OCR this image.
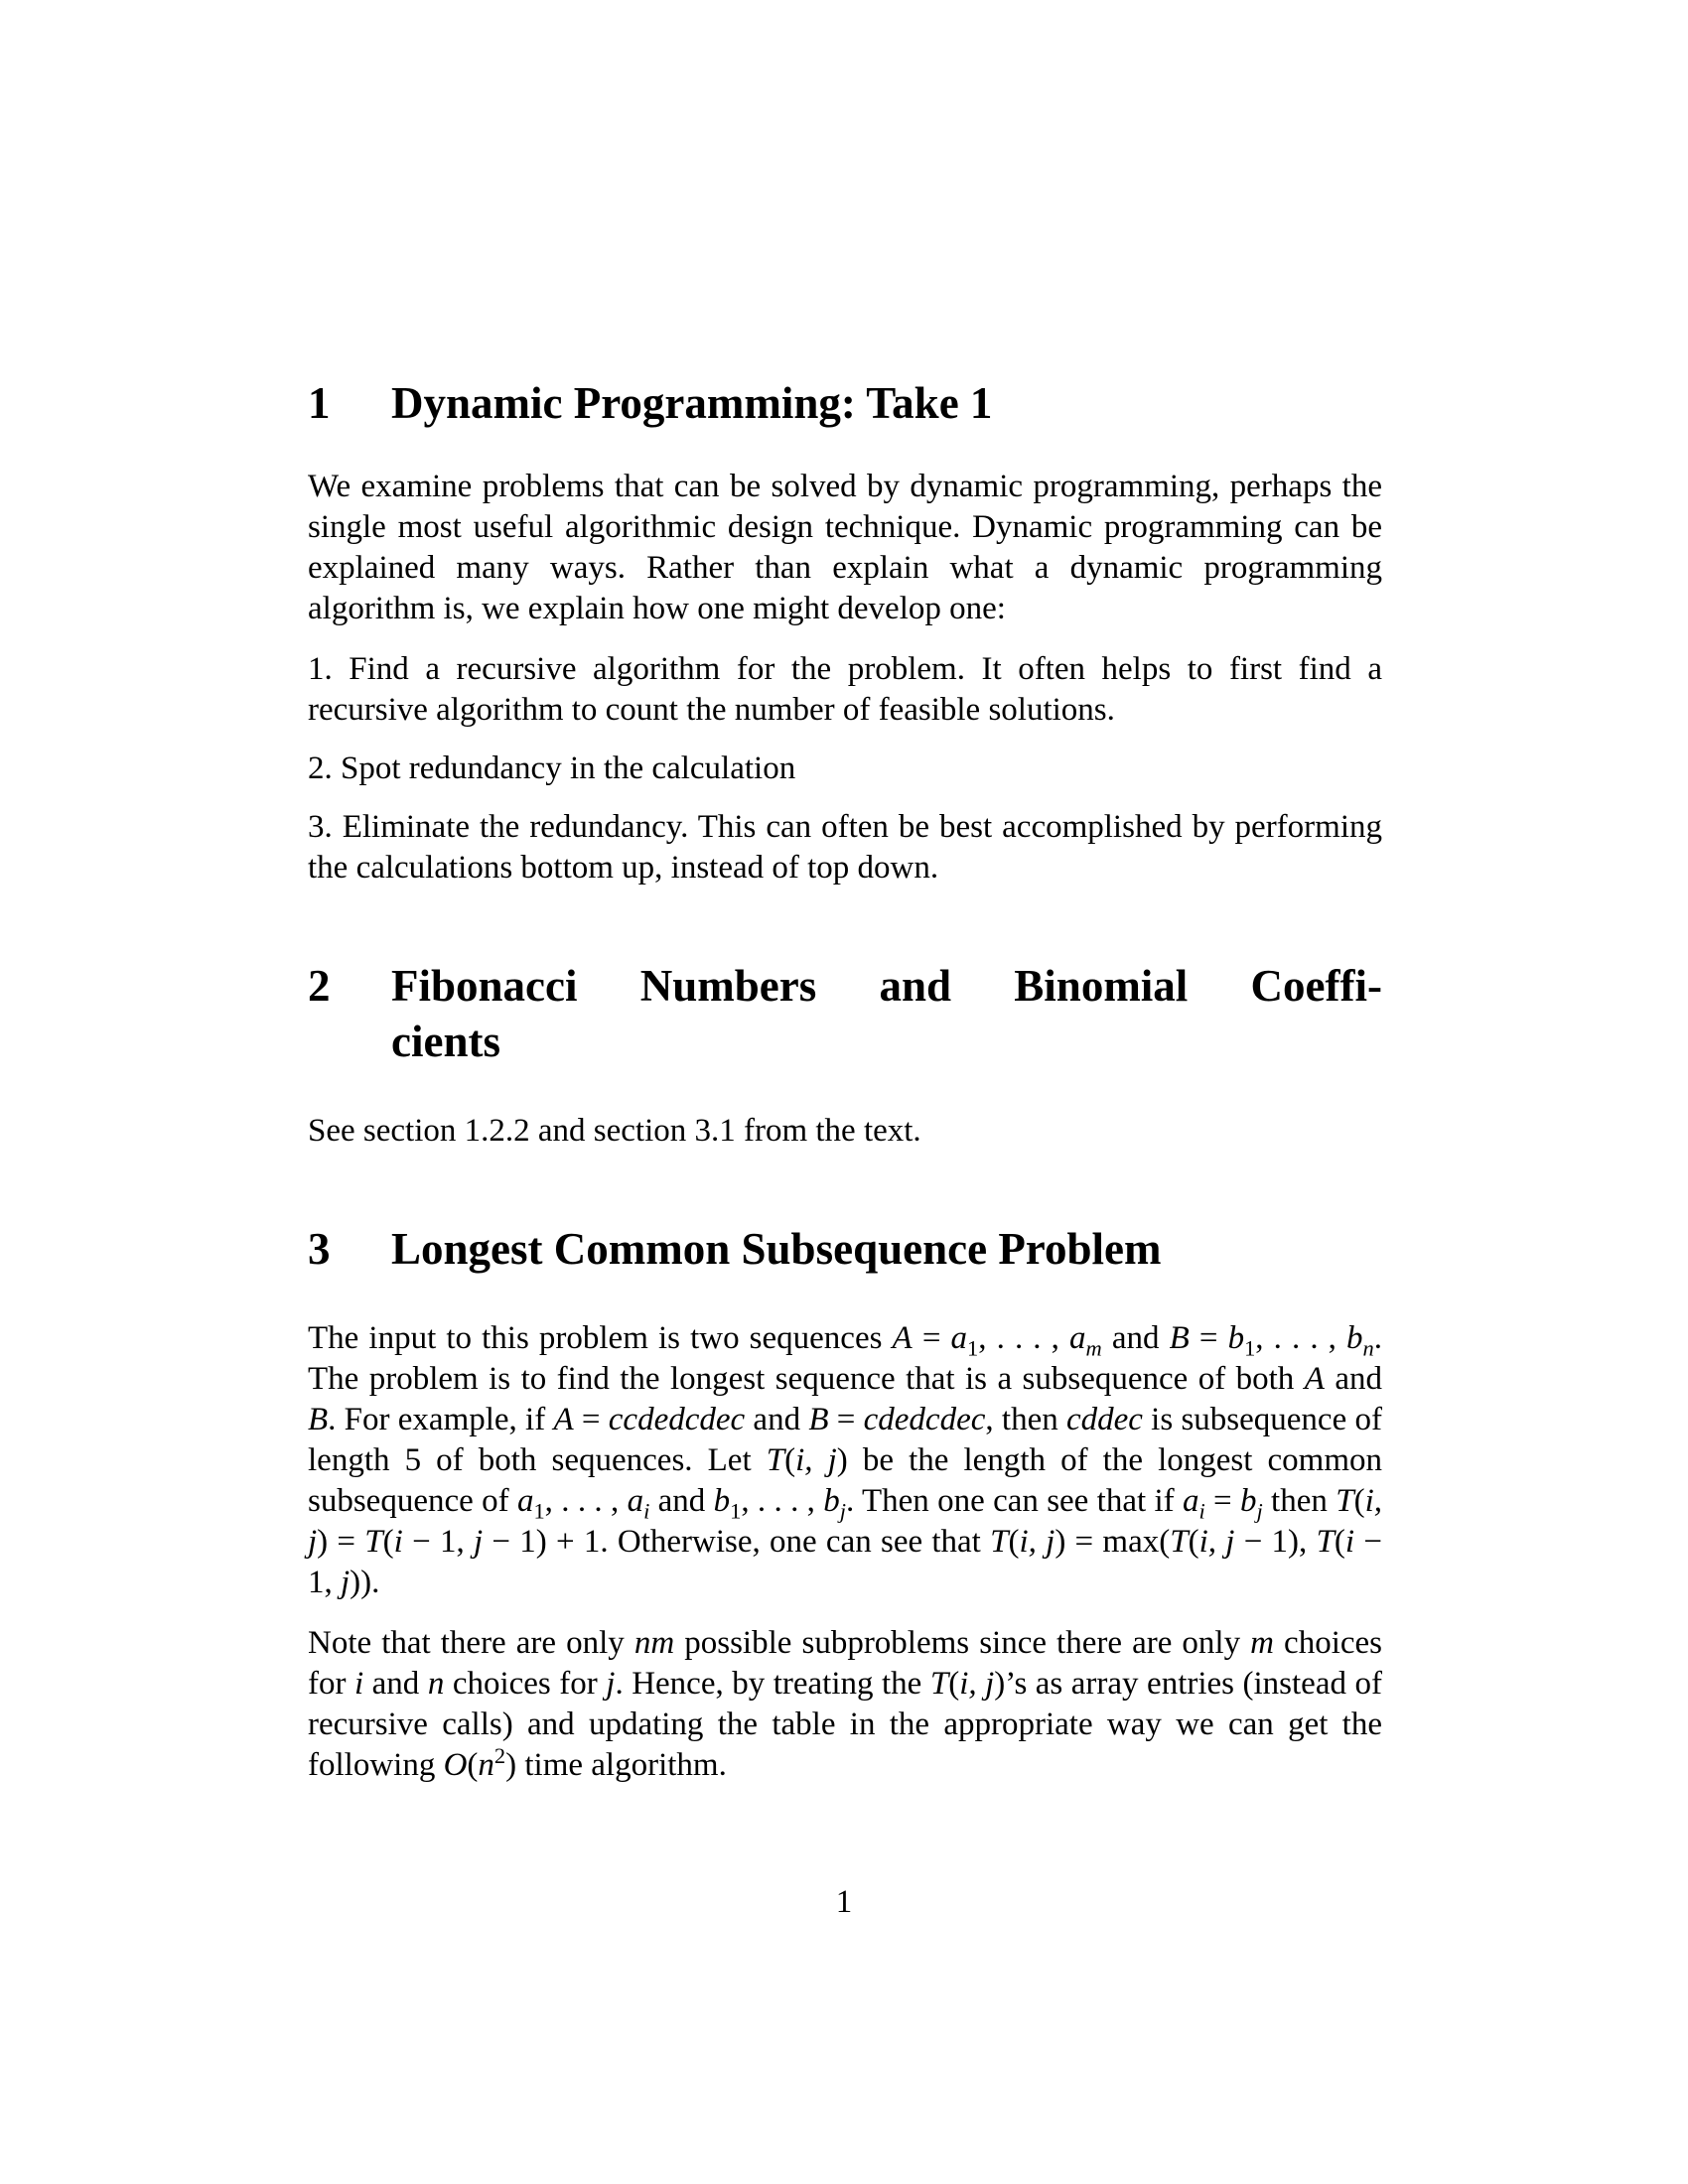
1	Dynamic Programming: Take 1

We examine problems that can be solved by dynamic programming, perhaps the single most useful algorithmic design technique. Dynamic programming can be explained many ways. Rather than explain what a dynamic programming algorithm is, we explain how one might develop one:

1. Find a recursive algorithm for the problem. It often helps to first find a recursive algorithm to count the number of feasible solutions.

2. Spot redundancy in the calculation

3. Eliminate the redundancy. This can often be best accomplished by performing the calculations bottom up, instead of top down.

2	Fibonacci Numbers and Binomial Coeffi-
cients

See section 1.2.2 and section 3.1 from the text.

3	Longest Common Subsequence Problem

The input to this problem is two sequences $A = a_1$, . . . , $a_m$ and $B = b_1$, . . . , $b_n$. The problem is to find the longest sequence that is a subsequence of both A and B. For example, if A = ccdedcdec and B = cdedcdec, then cddec is subsequence of length 5 of both sequences. Let T(i, j) be the length of the longest common subsequence of $a_1$, . . . , $a_i$ and $b_1$, . . . , $b_j$. Then one can see that if $a_i = b_j$ then T(i, j) = T(i − 1, j − 1) + 1. Otherwise, one can see that T(i, j) = max(T(i, j − 1), T(i − 1, j)).

Note that there are only nm possible subproblems since there are only m choices for i and n choices for j. Hence, by treating the T(i, j)’s as array entries (instead of recursive calls) and updating the table in the appropriate way we can get the following $O(n^2)$ time algorithm.

1
